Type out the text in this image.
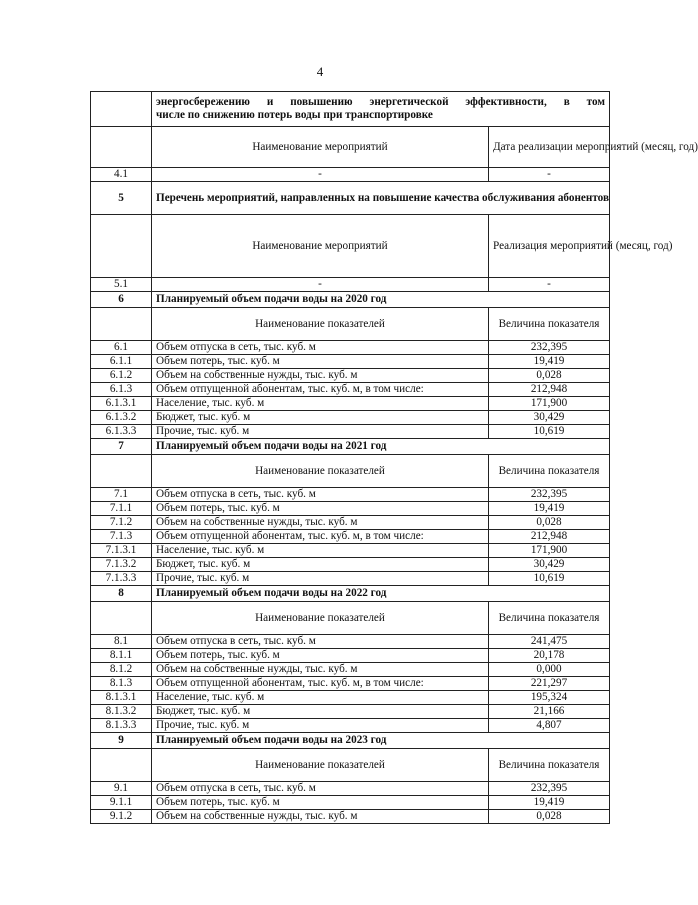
4

	энергосбережению и повышению энергетической эффективности, в том
числе по снижению потерь воды при транспортировке	

	Наименование мероприятий	Дата реализации мероприятий (месяц, год)
4.1	-	-
5	Перечень мероприятий, направленных на повышение качества обслуживания абонентов	
	Наименование мероприятий	Реализация мероприятий (месяц, год)
5.1	-	-
6	Планируемый объем подачи воды на 2020 год	
	Наименование показателей	Величина показателя
6.1	Объем отпуска в сеть, тыс. куб. м	232,395
6.1.1	Объем потерь, тыс. куб. м	19,419
6.1.2	Объем на собственные нужды, тыс. куб. м	0,028
6.1.3	Объем отпущенной абонентам, тыс. куб. м, в том числе:	212,948
6.1.3.1	Население, тыс. куб. м	171,900
6.1.3.2	Бюджет, тыс. куб. м	30,429
6.1.3.3	Прочие, тыс. куб. м	10,619
7	Планируемый объем подачи воды на 2021 год	
	Наименование показателей	Величина показателя
7.1	Объем отпуска в сеть, тыс. куб. м	232,395
7.1.1	Объем потерь, тыс. куб. м	19,419
7.1.2	Объем на собственные нужды, тыс. куб. м	0,028
7.1.3	Объем отпущенной абонентам, тыс. куб. м, в том числе:	212,948
7.1.3.1	Население, тыс. куб. м	171,900
7.1.3.2	Бюджет, тыс. куб. м	30,429
7.1.3.3	Прочие, тыс. куб. м	10,619
8	Планируемый объем подачи воды на 2022 год	
	Наименование показателей	Величина показателя
8.1	Объем отпуска в сеть, тыс. куб. м	241,475
8.1.1	Объем потерь, тыс. куб. м	20,178
8.1.2	Объем на собственные нужды, тыс. куб. м	0,000
8.1.3	Объем отпущенной абонентам, тыс. куб. м, в том числе:	221,297
8.1.3.1	Население, тыс. куб. м	195,324
8.1.3.2	Бюджет, тыс. куб. м	21,166
8.1.3.3	Прочие, тыс. куб. м	4,807
9	Планируемый объем подачи воды на 2023 год	
	Наименование показателей	Величина показателя
9.1	Объем отпуска в сеть, тыс. куб. м	232,395
9.1.1	Объем потерь, тыс. куб. м	19,419
9.1.2	Объем на собственные нужды, тыс. куб. м	0,028
